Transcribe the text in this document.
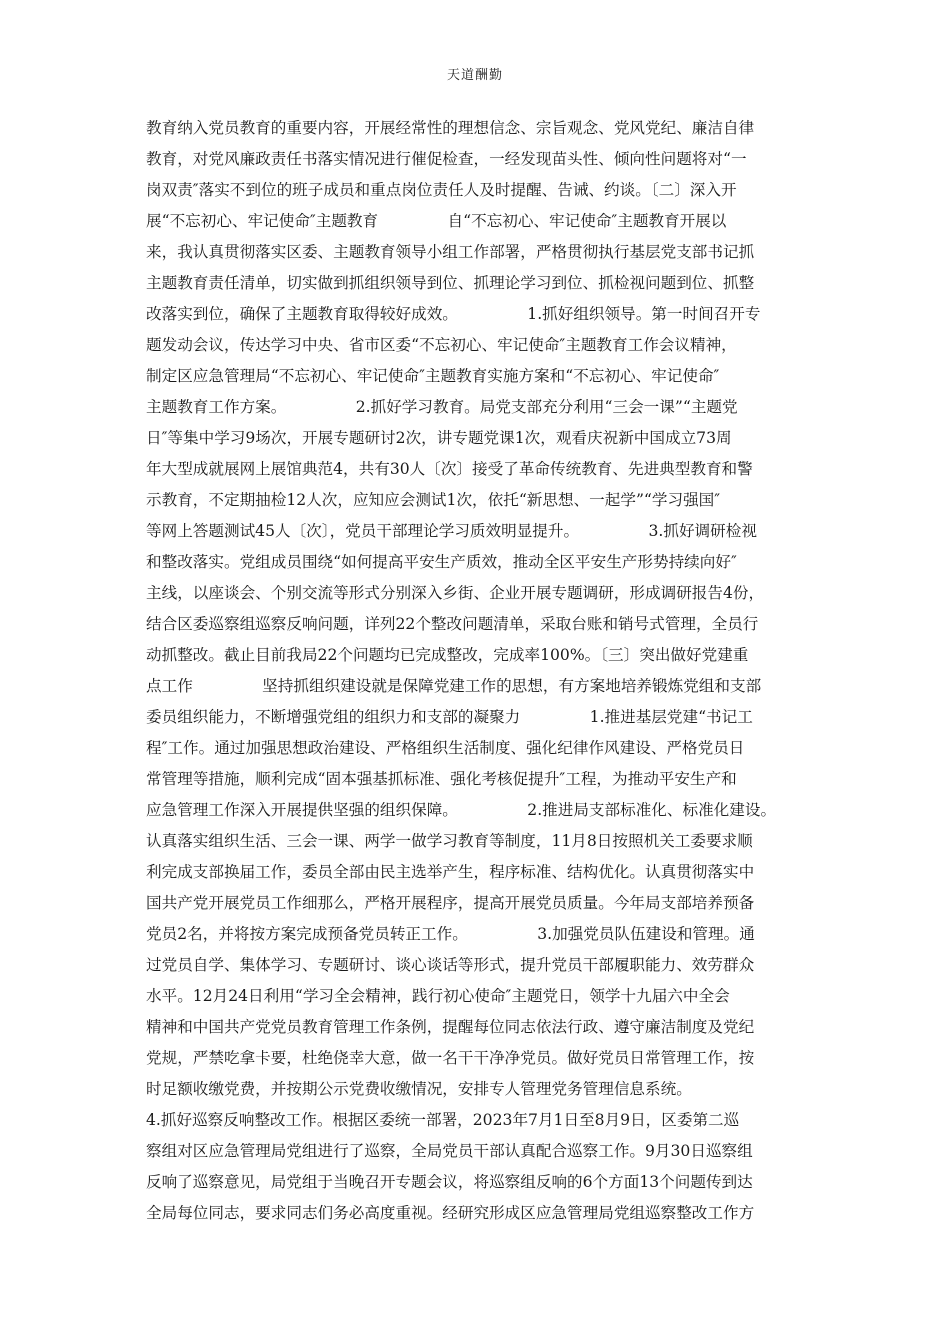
天道酬勤
教育纳入党员教育的重要内容，开展经常性的理想信念、宗旨观念、党风党纪、廉洁自律
教育，对党风廉政责任书落实情况进行催促检查，一经发现苗头性、倾向性问题将对“一
岗双责″落实不到位的班子成员和重点岗位责任人及时提醒、告诫、约谈。〔二〕深入开
展“不忘初心、牢记使命″主题教育              自“不忘初心、牢记使命″主题教育开展以
来，我认真贯彻落实区委、主题教育领导小组工作部署，严格贯彻执行基层党支部书记抓
主题教育责任清单，切实做到抓组织领导到位、抓理论学习到位、抓检视问题到位、抓整
改落实到位，确保了主题教育取得较好成效。              1.抓好组织领导。第一时间召开专
题发动会议，传达学习中央、省市区委“不忘初心、牢记使命″主题教育工作会议精神，
制定区应急管理局“不忘初心、牢记使命″主题教育实施方案和“不忘初心、牢记使命″
主题教育工作方案。              2.抓好学习教育。局党支部充分利用“三会一课”“主题党
日″等集中学习9场次，开展专题研讨2次，讲专题党课1次，观看庆祝新中国成立73周
年大型成就展网上展馆典范4，共有30人〔次〕接受了革命传统教育、先进典型教育和警
示教育，不定期抽检12人次，应知应会测试1次，依托“新思想、一起学”“学习强国″
等网上答题测试45人〔次〕，党员干部理论学习质效明显提升。              3.抓好调研检视
和整改落实。党组成员围绕“如何提高平安生产质效，推动全区平安生产形势持续向好″
主线，以座谈会、个别交流等形式分别深入乡街、企业开展专题调研，形成调研报告4份，
结合区委巡察组巡察反响问题，详列22个整改问题清单，采取台账和销号式管理，全员行
动抓整改。截止目前我局22个问题均已完成整改，完成率100%。〔三〕突出做好党建重
点工作              坚持抓组织建设就是保障党建工作的思想，有方案地培养锻炼党组和支部
委员组织能力，不断增强党组的组织力和支部的凝聚力              1.推进基层党建“书记工
程″工作。通过加强思想政治建设、严格组织生活制度、强化纪律作风建设、严格党员日
常管理等措施，顺利完成“固本强基抓标准、强化考核促提升″工程，为推动平安生产和
应急管理工作深入开展提供坚强的组织保障。              2.推进局支部标准化、标准化建设。
认真落实组织生活、三会一课、两学一做学习教育等制度，11月8日按照机关工委要求顺
利完成支部换届工作，委员全部由民主选举产生，程序标准、结构优化。认真贯彻落实中
国共产党开展党员工作细那么，严格开展程序，提高开展党员质量。今年局支部培养预备
党员2名，并将按方案完成预备党员转正工作。              3.加强党员队伍建设和管理。通
过党员自学、集体学习、专题研讨、谈心谈话等形式，提升党员干部履职能力、效劳群众
水平。12月24日利用“学习全会精神，践行初心使命″主题党日，领学十九届六中全会
精神和中国共产党党员教育管理工作条例，提醒每位同志依法行政、遵守廉洁制度及党纪
党规，严禁吃拿卡要，杜绝侥幸大意，做一名干干净净党员。做好党员日常管理工作，按
时足额收缴党费，并按期公示党费收缴情况，安排专人管理党务管理信息系统。
4.抓好巡察反响整改工作。根据区委统一部署，2023年7月1日至8月9日，区委第二巡
察组对区应急管理局党组进行了巡察，全局党员干部认真配合巡察工作。9月30日巡察组
反响了巡察意见，局党组于当晚召开专题会议，将巡察组反响的6个方面13个问题传到达
全局每位同志，要求同志们务必高度重视。经研究形成区应急管理局党组巡察整改工作方
